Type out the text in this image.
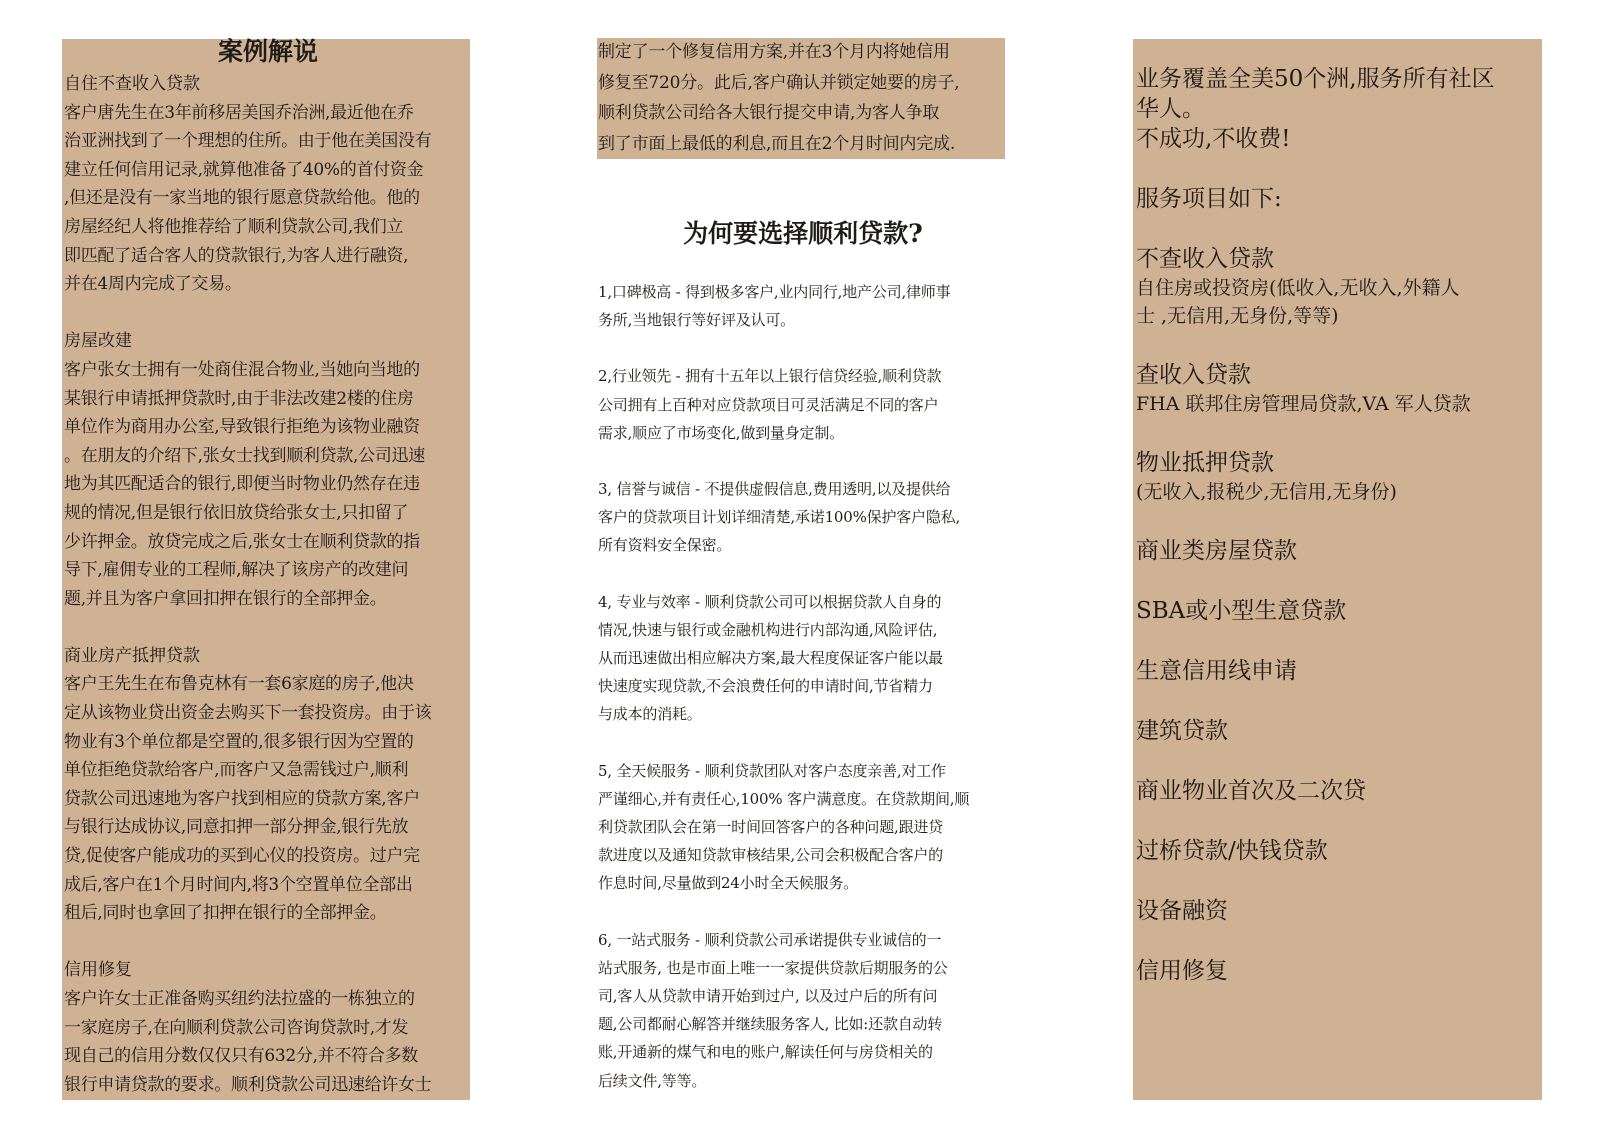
案例解说

自住不查收入贷款

客户唐先生在3年前移居美国乔治洲,最近他在乔

治亚洲找到了一个理想的住所。由于他在美国没有

建立任何信用记录,就算他准备了40%的首付资金

,但还是没有一家当地的银行愿意贷款给他。他的

房屋经纪人将他推荐给了顺利贷款公司,我们立

即匹配了适合客人的贷款银行,为客人进行融资,

并在4周内完成了交易。

房屋改建

客户张女士拥有一处商住混合物业,当她向当地的

某银行申请抵押贷款时,由于非法改建2楼的住房

单位作为商用办公室,导致银行拒绝为该物业融资

。在朋友的介绍下,张女士找到顺利贷款,公司迅速

地为其匹配适合的银行,即便当时物业仍然存在违

规的情况,但是银行依旧放贷给张女士,只扣留了

少许押金。放贷完成之后,张女士在顺利贷款的指

导下,雇佣专业的工程师,解决了该房产的改建问

题,并且为客户拿回扣押在银行的全部押金。

商业房产抵押贷款

客户王先生在布鲁克林有一套6家庭的房子,他决

定从该物业贷出资金去购买下一套投资房。由于该

物业有3个单位都是空置的,很多银行因为空置的

单位拒绝贷款给客户,而客户又急需钱过户,顺利

贷款公司迅速地为客户找到相应的贷款方案,客户

与银行达成协议,同意扣押一部分押金,银行先放

贷,促使客户能成功的买到心仪的投资房。过户完

成后,客户在1个月时间内,将3个空置单位全部出

租后,同时也拿回了扣押在银行的全部押金。

信用修复

客户许女士正准备购买纽约法拉盛的一栋独立的

一家庭房子,在向顺利贷款公司咨询贷款时,才发

现自己的信用分数仅仅只有632分,并不符合多数

银行申请贷款的要求。顺利贷款公司迅速给许女士

制定了一个修复信用方案,并在3个月内将她信用

修复至720分。此后,客户确认并锁定她要的房子,

顺利贷款公司给各大银行提交申请,为客人争取

到了市面上最低的利息,而且在2个月时间内完成.

为何要选择顺利贷款?
1,口碑极高 - 得到极多客户,业内同行,地产公司,律师事
务所,当地银行等好评及认可。
2,行业领先 - 拥有十五年以上银行信贷经验,顺利贷款
公司拥有上百种对应贷款项目可灵活满足不同的客户
需求,顺应了市场变化,做到量身定制。
3, 信誉与诚信 - 不提供虚假信息,费用透明,以及提供给
客户的贷款项目计划详细清楚,承诺100%保护客户隐私,
所有资料安全保密。
4, 专业与效率 - 顺利贷款公司可以根据贷款人自身的
情况,快速与银行或金融机构进行内部沟通,风险评估,
从而迅速做出相应解决方案,最大程度保证客户能以最
快速度实现贷款,不会浪费任何的申请时间,节省精力
与成本的消耗。
5, 全天候服务 - 顺利贷款团队对客户态度亲善,对工作
严谨细心,并有责任心,100% 客户满意度。在贷款期间,顺
利贷款团队会在第一时间回答客户的各种问题,跟进贷
款进度以及通知贷款审核结果,公司会积极配合客户的
作息时间,尽量做到24小时全天候服务。
6, 一站式服务 - 顺利贷款公司承诺提供专业诚信的一
站式服务, 也是市面上唯一一家提供贷款后期服务的公
司,客人从贷款申请开始到过户, 以及过户后的所有问
题,公司都耐心解答并继续服务客人, 比如:还款自动转
账,开通新的煤气和电的账户,解读任何与房贷相关的
后续文件,等等。

业务覆盖全美50个洲,服务所有社区

华人。

不成功,不收费!

服务项目如下:

不查收入贷款

自住房或投资房(低收入,无收入,外籍人

士 ,无信用,无身份,等等)

查收入贷款

FHA 联邦住房管理局贷款,VA 军人贷款

物业抵押贷款

(无收入,报税少,无信用,无身份)

商业类房屋贷款

SBA或小型生意贷款

生意信用线申请

建筑贷款

商业物业首次及二次贷

过桥贷款/快钱贷款

设备融资

信用修复
